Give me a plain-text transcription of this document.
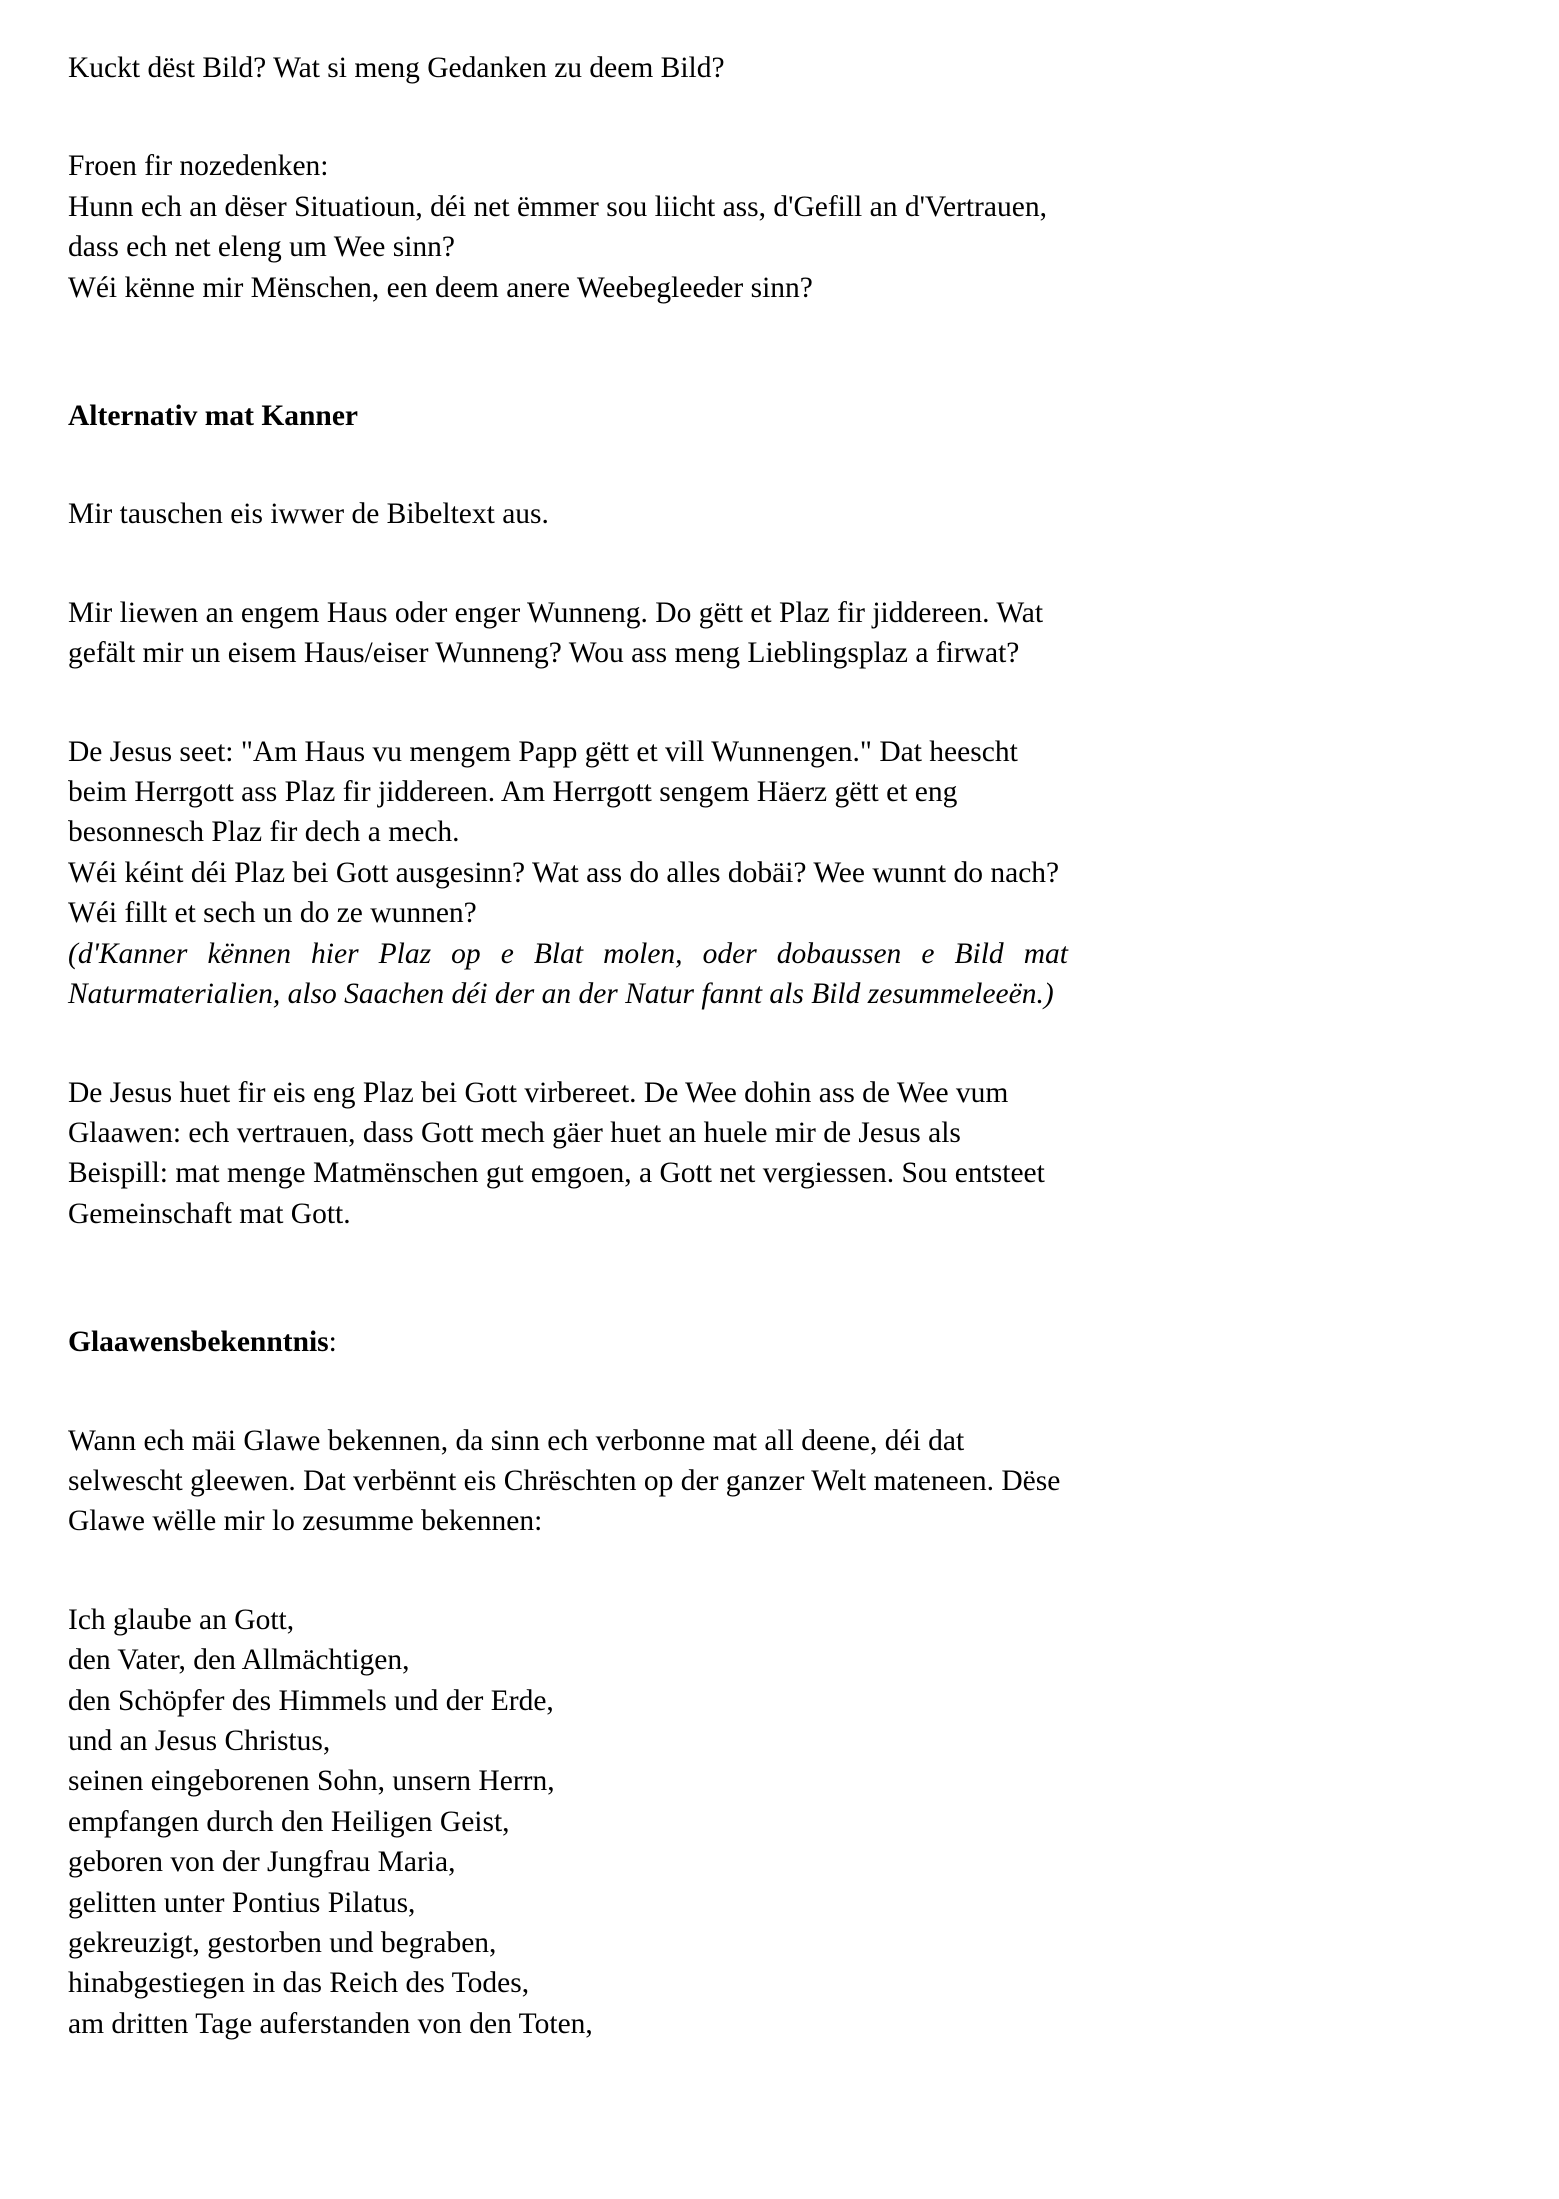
Kuckt dëst Bild? Wat si meng Gedanken zu deem Bild?

Froen fir nozedenken:
Hunn ech an dëser Situatioun, déi net ëmmer sou liicht ass, d'Gefill an d'Vertrauen,
dass ech net eleng um Wee sinn?
Wéi kënne mir Mënschen, een deem anere Weebegleeder sinn?

Alternativ mat Kanner

Mir tauschen eis iwwer de Bibeltext aus.

Mir liewen an engem Haus oder enger Wunneng. Do gëtt et Plaz fir jiddereen. Wat gefält mir un eisem Haus/eiser Wunneng? Wou ass meng Lieblingsplaz a firwat?

De Jesus seet: "Am Haus vu mengem Papp gëtt et vill Wunnengen." Dat heescht beim Herrgott ass Plaz fir jiddereen. Am Herrgott sengem Häerz gëtt et eng besonnesch Plaz fir dech a mech.

Wéi kéint déi Plaz bei Gott ausgesinn? Wat ass do alles dobäi? Wee wunnt do nach? Wéi fillt et sech un do ze wunnen?

(d'Kanner kënnen hier Plaz op e Blat molen, oder dobaussen e Bild mat Naturmaterialien, also Saachen déi der an der Natur fannt als Bild zesummeleeën.)

De Jesus huet fir eis eng Plaz bei Gott virbereet. De Wee dohin ass de Wee vum Glaawen: ech vertrauen, dass Gott mech gäer huet an huele mir de Jesus als Beispill: mat menge Matmënschen gut emgoen, a Gott net vergiessen. Sou entsteet Gemeinschaft mat Gott.

Glaawensbekenntnis:

Wann ech mäi Glawe bekennen, da sinn ech verbonne mat all deene, déi dat selwescht gleewen. Dat verbënnt eis Chrëschten op der ganzer Welt mateneen. Dëse Glawe wëlle mir lo zesumme bekennen:

Ich glaube an Gott,
den Vater, den Allmächtigen,
den Schöpfer des Himmels und der Erde,
und an Jesus Christus,
seinen eingeborenen Sohn, unsern Herrn,
empfangen durch den Heiligen Geist,
geboren von der Jungfrau Maria,
gelitten unter Pontius Pilatus,
gekreuzigt, gestorben und begraben,
hinabgestiegen in das Reich des Todes,
am dritten Tage auferstanden von den Toten,
